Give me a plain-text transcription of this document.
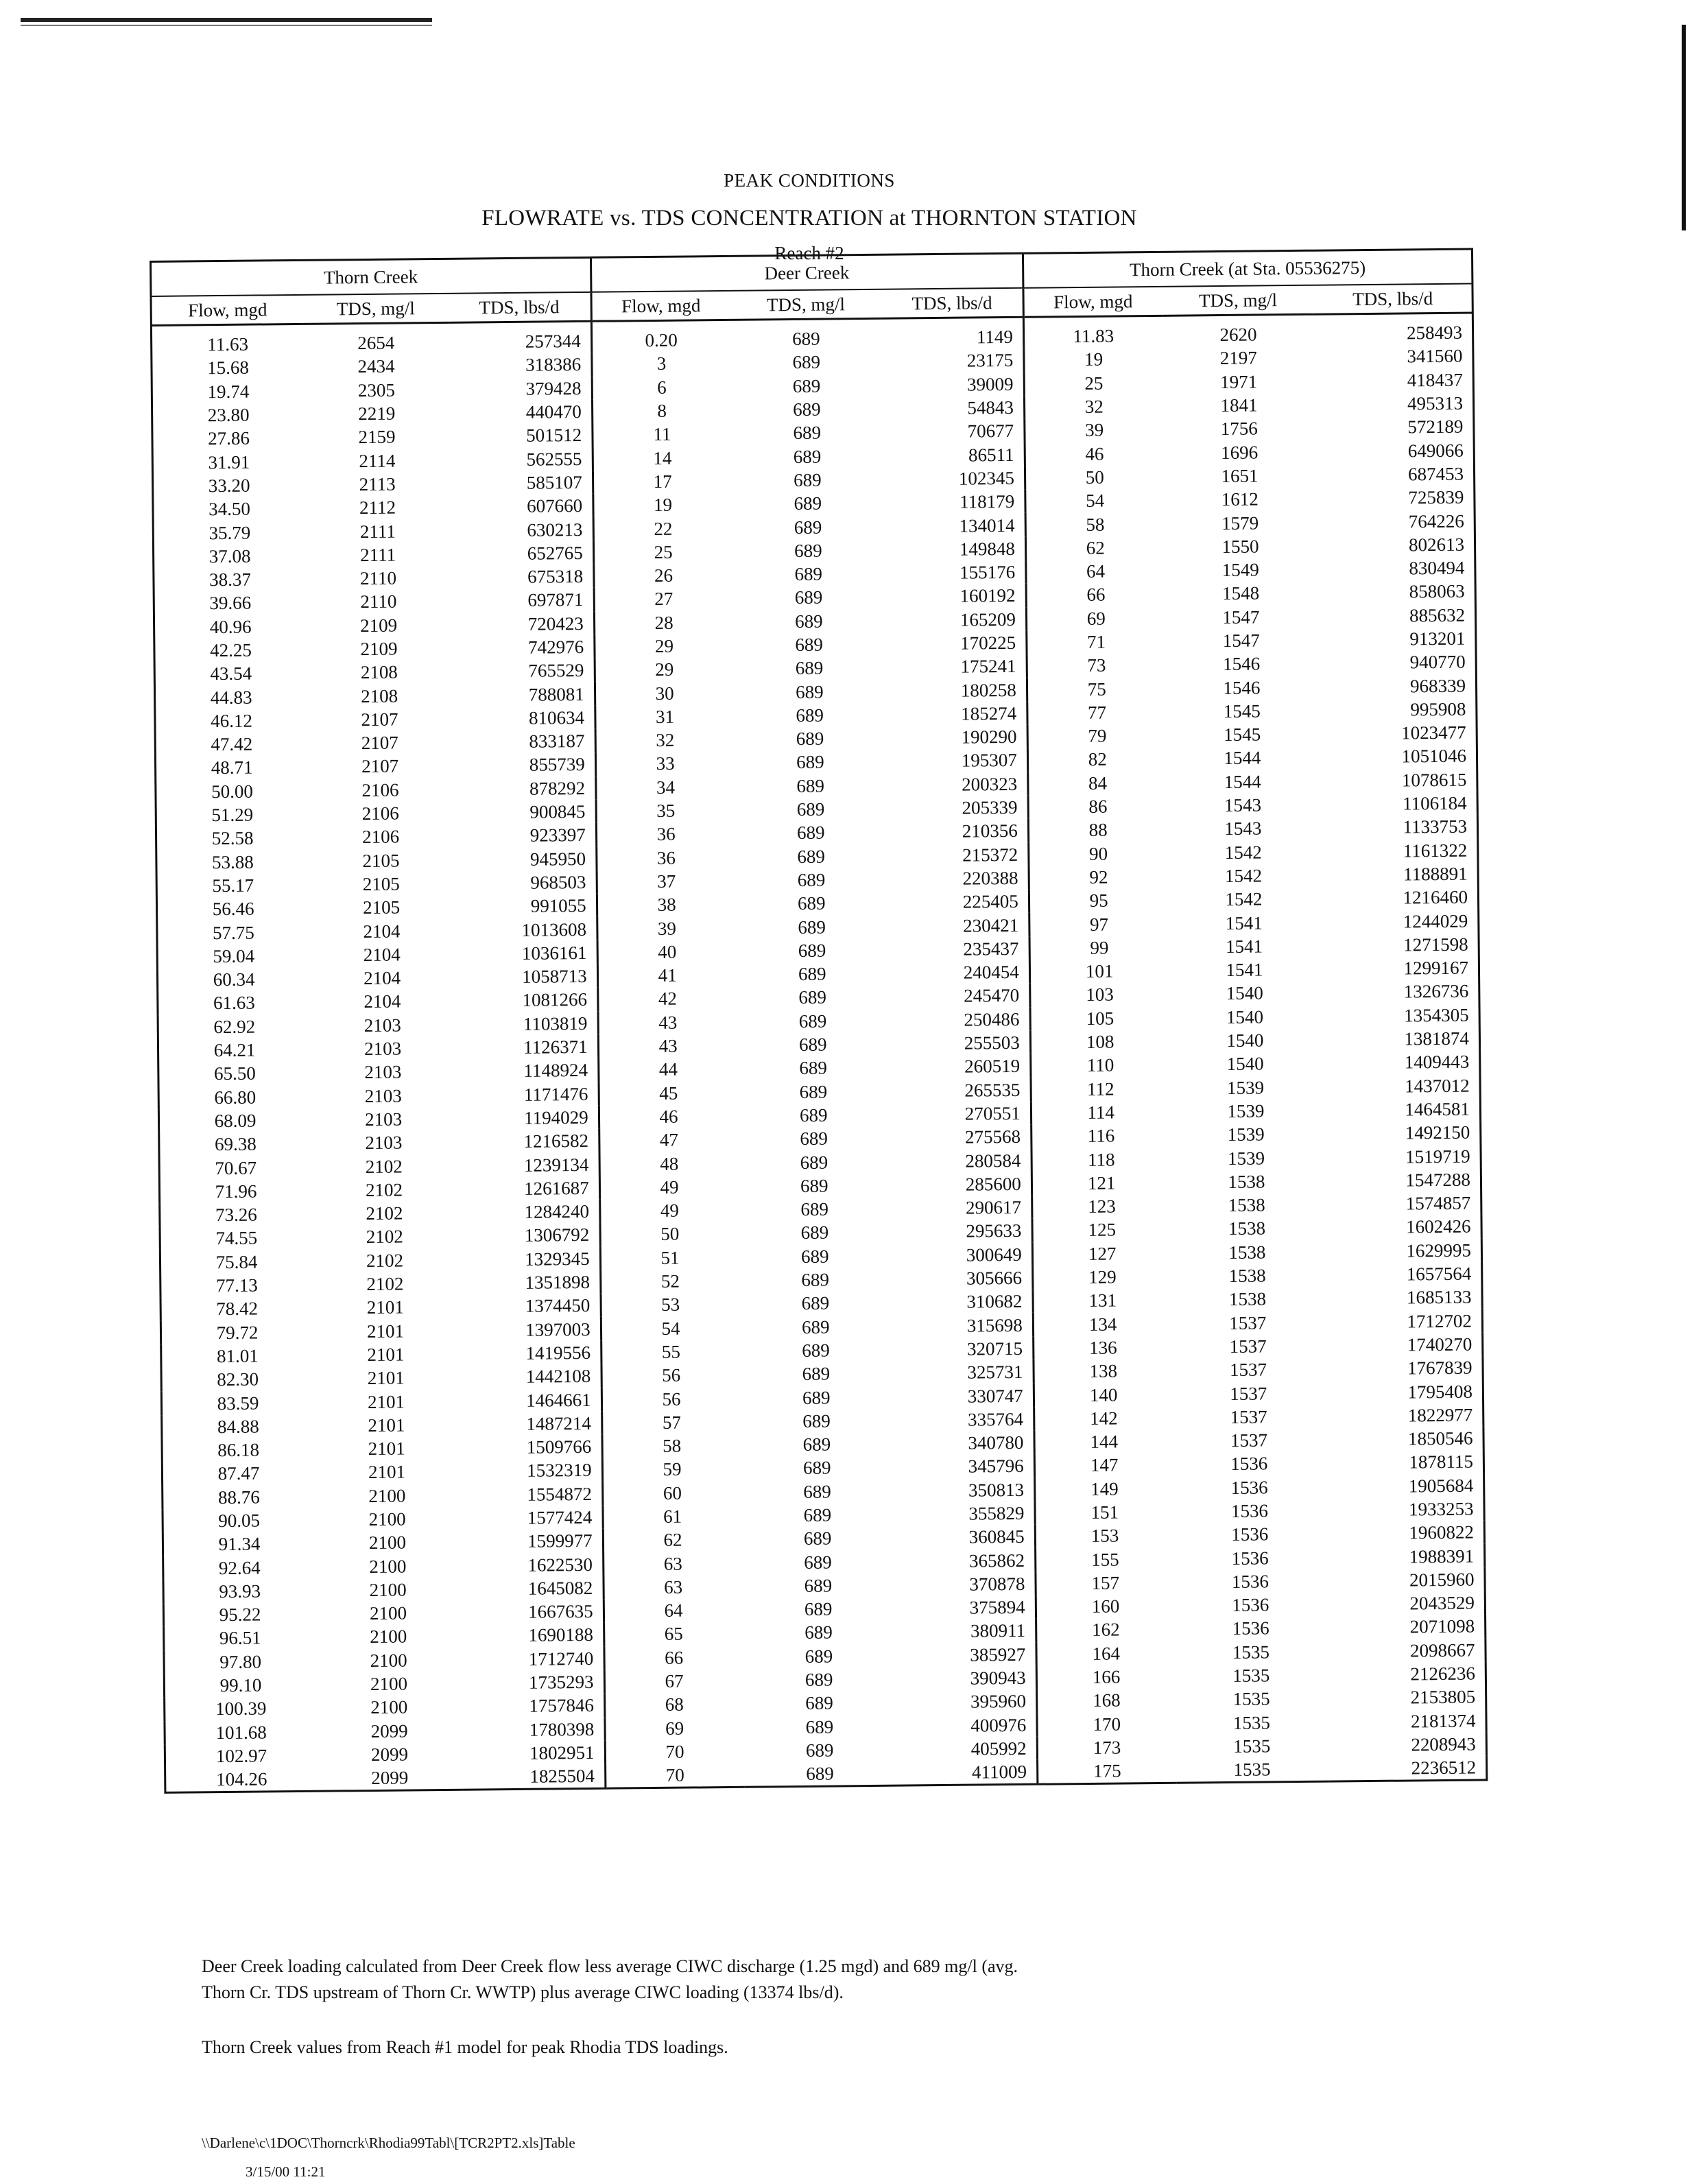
PEAK CONDITIONS
FLOWRATE vs. TDS CONCENTRATION at THORNTON STATION
Reach #2
Thorn Creek			Deer Creek			Thorn Creek (at Sta. 05536275)		
Flow, mgd	TDS, mg/l	TDS, lbs/d	Flow, mgd	TDS, mg/l	TDS, lbs/d	Flow, mgd	TDS, mg/l	TDS, lbs/d
11.63	2654	257344	0.20	689	1149	11.83	2620	258493
15.68	2434	318386	3	689	23175	19	2197	341560
19.74	2305	379428	6	689	39009	25	1971	418437
23.80	2219	440470	8	689	54843	32	1841	495313
27.86	2159	501512	11	689	70677	39	1756	572189
31.91	2114	562555	14	689	86511	46	1696	649066
33.20	2113	585107	17	689	102345	50	1651	687453
34.50	2112	607660	19	689	118179	54	1612	725839
35.79	2111	630213	22	689	134014	58	1579	764226
37.08	2111	652765	25	689	149848	62	1550	802613
38.37	2110	675318	26	689	155176	64	1549	830494
39.66	2110	697871	27	689	160192	66	1548	858063
40.96	2109	720423	28	689	165209	69	1547	885632
42.25	2109	742976	29	689	170225	71	1547	913201
43.54	2108	765529	29	689	175241	73	1546	940770
44.83	2108	788081	30	689	180258	75	1546	968339
46.12	2107	810634	31	689	185274	77	1545	995908
47.42	2107	833187	32	689	190290	79	1545	1023477
48.71	2107	855739	33	689	195307	82	1544	1051046
50.00	2106	878292	34	689	200323	84	1544	1078615
51.29	2106	900845	35	689	205339	86	1543	1106184
52.58	2106	923397	36	689	210356	88	1543	1133753
53.88	2105	945950	36	689	215372	90	1542	1161322
55.17	2105	968503	37	689	220388	92	1542	1188891
56.46	2105	991055	38	689	225405	95	1542	1216460
57.75	2104	1013608	39	689	230421	97	1541	1244029
59.04	2104	1036161	40	689	235437	99	1541	1271598
60.34	2104	1058713	41	689	240454	101	1541	1299167
61.63	2104	1081266	42	689	245470	103	1540	1326736
62.92	2103	1103819	43	689	250486	105	1540	1354305
64.21	2103	1126371	43	689	255503	108	1540	1381874
65.50	2103	1148924	44	689	260519	110	1540	1409443
66.80	2103	1171476	45	689	265535	112	1539	1437012
68.09	2103	1194029	46	689	270551	114	1539	1464581
69.38	2103	1216582	47	689	275568	116	1539	1492150
70.67	2102	1239134	48	689	280584	118	1539	1519719
71.96	2102	1261687	49	689	285600	121	1538	1547288
73.26	2102	1284240	49	689	290617	123	1538	1574857
74.55	2102	1306792	50	689	295633	125	1538	1602426
75.84	2102	1329345	51	689	300649	127	1538	1629995
77.13	2102	1351898	52	689	305666	129	1538	1657564
78.42	2101	1374450	53	689	310682	131	1538	1685133
79.72	2101	1397003	54	689	315698	134	1537	1712702
81.01	2101	1419556	55	689	320715	136	1537	1740270
82.30	2101	1442108	56	689	325731	138	1537	1767839
83.59	2101	1464661	56	689	330747	140	1537	1795408
84.88	2101	1487214	57	689	335764	142	1537	1822977
86.18	2101	1509766	58	689	340780	144	1537	1850546
87.47	2101	1532319	59	689	345796	147	1536	1878115
88.76	2100	1554872	60	689	350813	149	1536	1905684
90.05	2100	1577424	61	689	355829	151	1536	1933253
91.34	2100	1599977	62	689	360845	153	1536	1960822
92.64	2100	1622530	63	689	365862	155	1536	1988391
93.93	2100	1645082	63	689	370878	157	1536	2015960
95.22	2100	1667635	64	689	375894	160	1536	2043529
96.51	2100	1690188	65	689	380911	162	1536	2071098
97.80	2100	1712740	66	689	385927	164	1535	2098667
99.10	2100	1735293	67	689	390943	166	1535	2126236
100.39	2100	1757846	68	689	395960	168	1535	2153805
101.68	2099	1780398	69	689	400976	170	1535	2181374
102.97	2099	1802951	70	689	405992	173	1535	2208943
104.26	2099	1825504	70	689	411009	175	1535	2236512

Deer Creek loading calculated from Deer Creek flow less average CIWC discharge (1.25 mgd) and 689 mg/l (avg. Thorn Cr. TDS upstream of Thorn Cr. WWTP) plus average CIWC loading (13374 lbs/d).

Thorn Creek values from Reach #1 model for peak Rhodia TDS loadings.

\\Darlene\c\1DOC\Thorncrk\Rhodia99Tabl\[TCR2PT2.xls]Table
3/15/00 11:21
